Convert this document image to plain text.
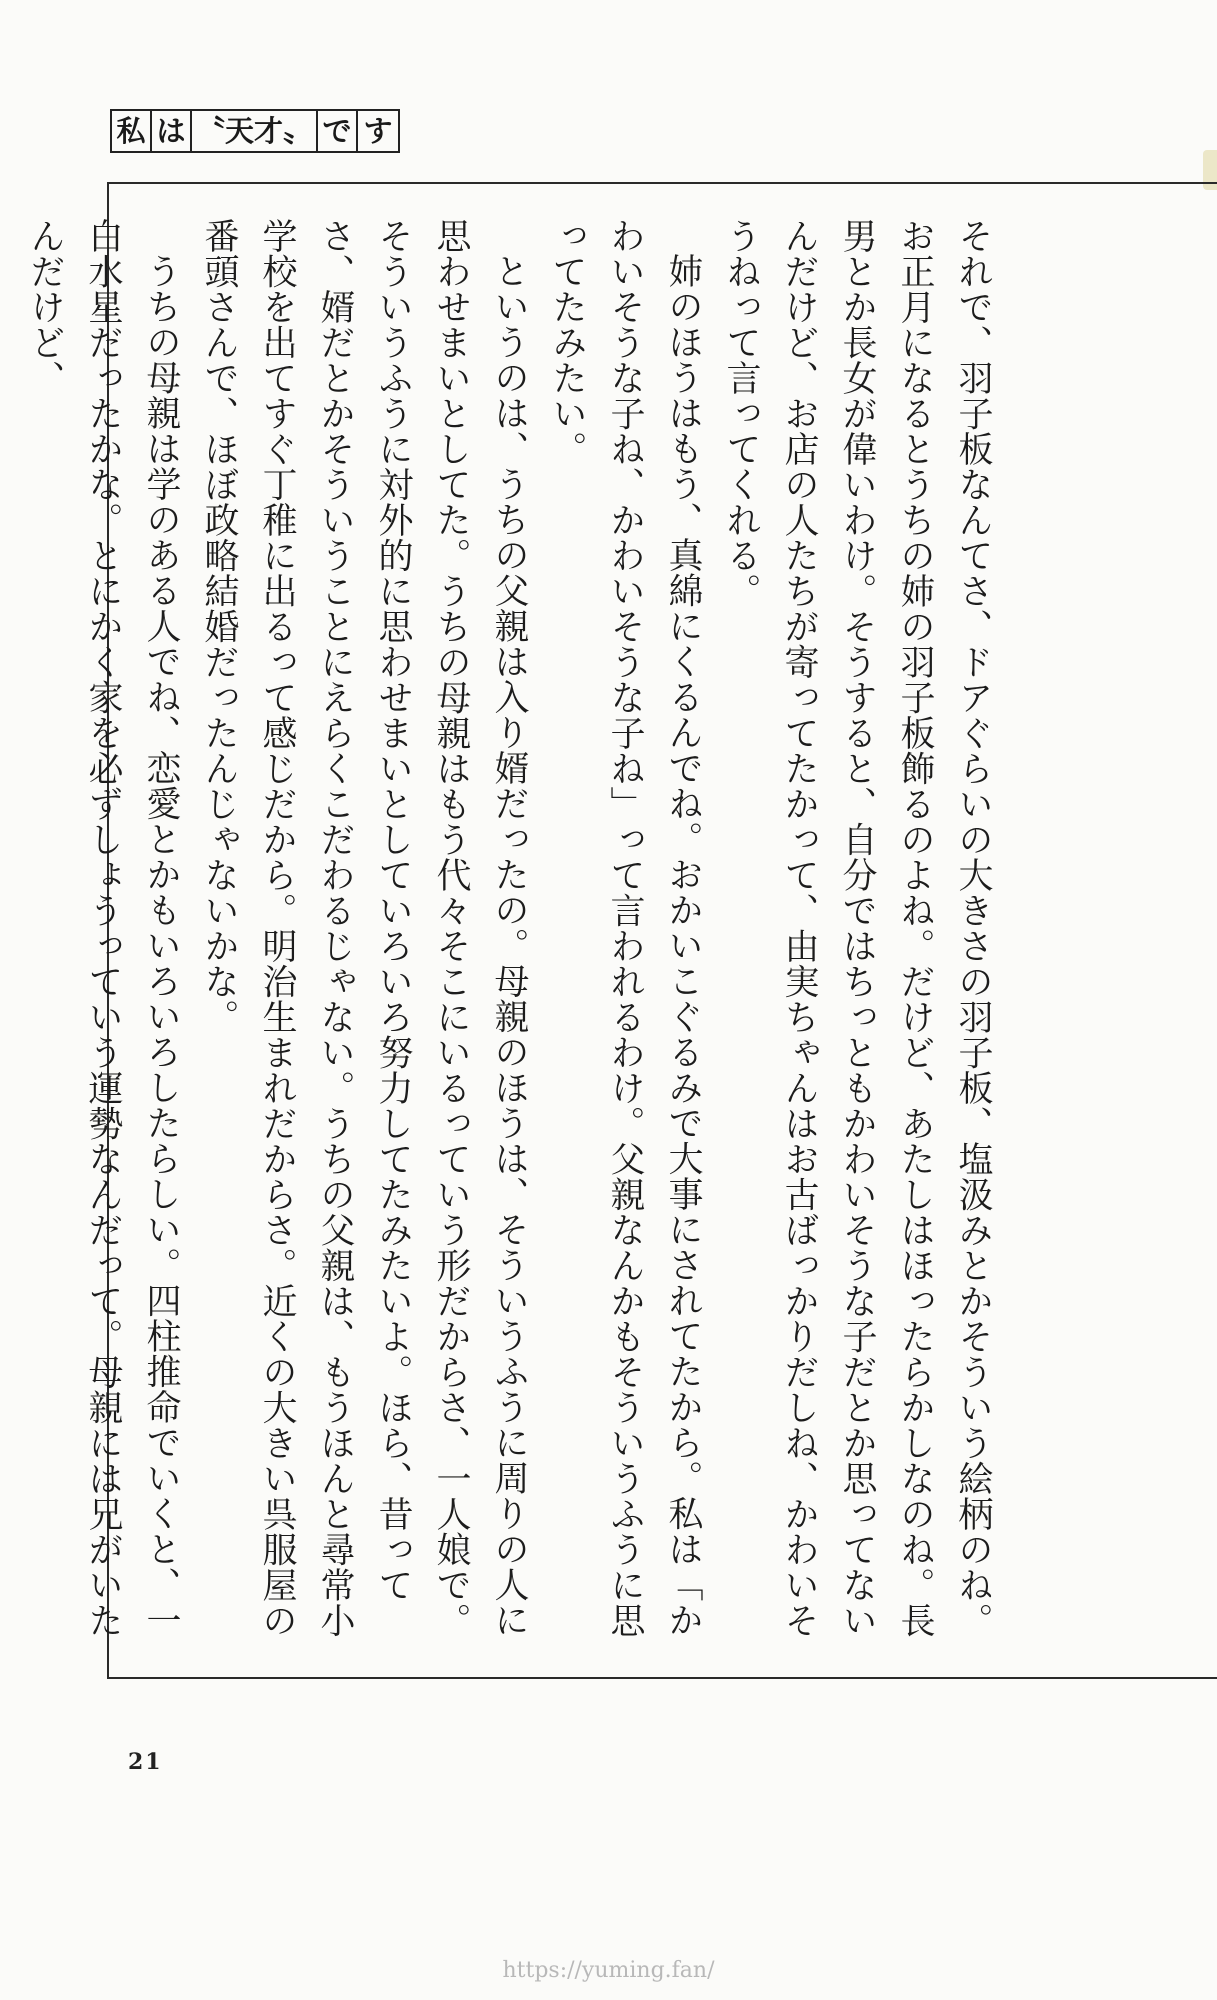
私 は 〝天才〟 で す

それで、羽子板なんてさ、ドアぐらいの大きさの羽子板、塩汲みとかそういう絵柄のね。お正月になるとうちの姉の羽子板飾るのよね。だけど、あたしはほったらかしなのね。長男とか長女が偉いわけ。そうすると、自分ではちっともかわいそうな子だとか思ってないんだけど、お店の人たちが寄ってたかって、由実ちゃんはお古ばっかりだしね、かわいそうねって言ってくれる。

姉のほうはもう、真綿にくるんでね。おかいこぐるみで大事にされてたから。私は「かわいそうな子ね、かわいそうな子ね」って言われるわけ。父親なんかもそういうふうに思ってたみたい。

というのは、うちの父親は入り婿だったの。母親のほうは、そういうふうに周りの人に思わせまいとしてた。うちの母親はもう代々そこにいるっていう形だからさ、一人娘で。そういうふうに対外的に思わせまいとしていろいろ努力してたみたいよ。ほら、昔ってさ、婿だとかそういうことにえらくこだわるじゃない。うちの父親は、もうほんと尋常小学校を出てすぐ丁稚に出るって感じだから。明治生まれだからさ。近くの大きい呉服屋の番頭さんで、ほぼ政略結婚だったんじゃないかな。

うちの母親は学のある人でね、恋愛とかもいろいろしたらしい。四柱推命でいくと、一白水星だったかな。とにかく家を必ずしょうっていう運勢なんだって。母親には兄がいたんだけど、

21
https://yuming.fan/
